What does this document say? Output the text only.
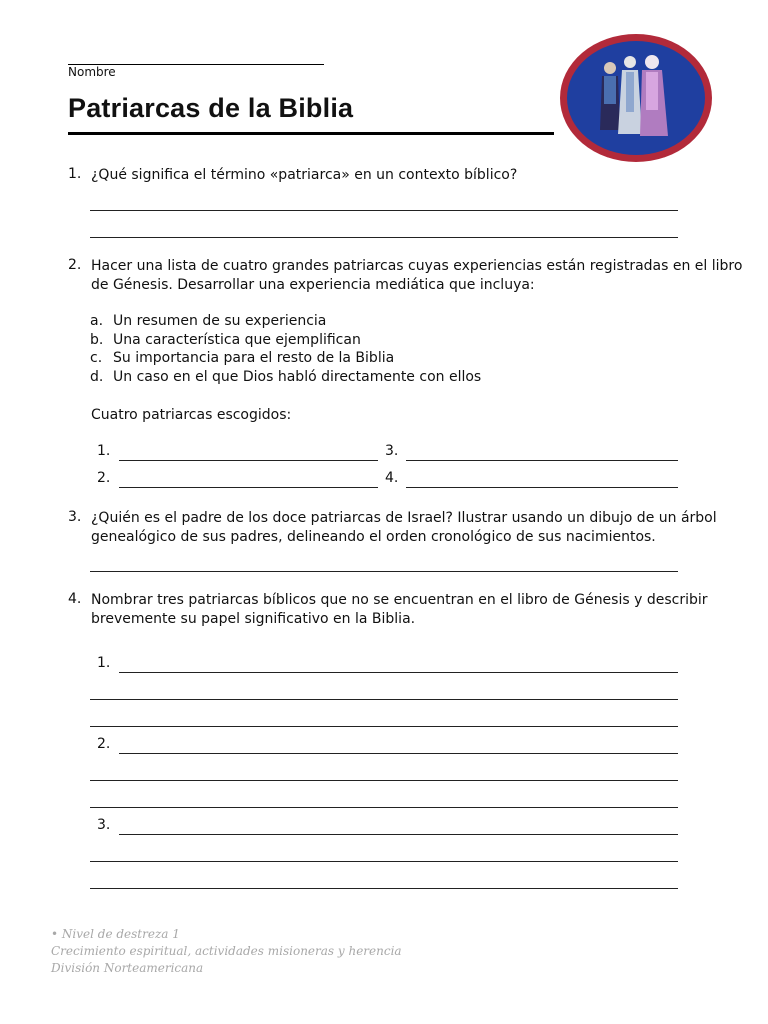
Nombre
Patriarcas de la Biblia
1. ¿Qué significa el término «patriarca» en un contexto bíblico?
2. Hacer una lista de cuatro grandes patriarcas cuyas experiencias están registradas en el libro
de Génesis. Desarrollar una experiencia mediática que incluya:
a. Un resumen de su experiencia
b. Una característica que ejemplifican
c. Su importancia para el resto de la Biblia
d. Un caso en el que Dios habló directamente con ellos
Cuatro patriarcas escogidos:
1.	3.
2.	4.
3. ¿Quién es el padre de los doce patriarcas de Israel? Ilustrar usando un dibujo de un árbol
genealógico de sus padres, delineando el orden cronológico de sus nacimientos.
4. Nombrar tres patriarcas bíblicos que no se encuentran en el libro de Génesis y describir
brevemente su papel significativo en la Biblia.
1.
2.
3.
• Nivel de destreza 1
Crecimiento espiritual, actividades misioneras y herencia
División Norteamericana
